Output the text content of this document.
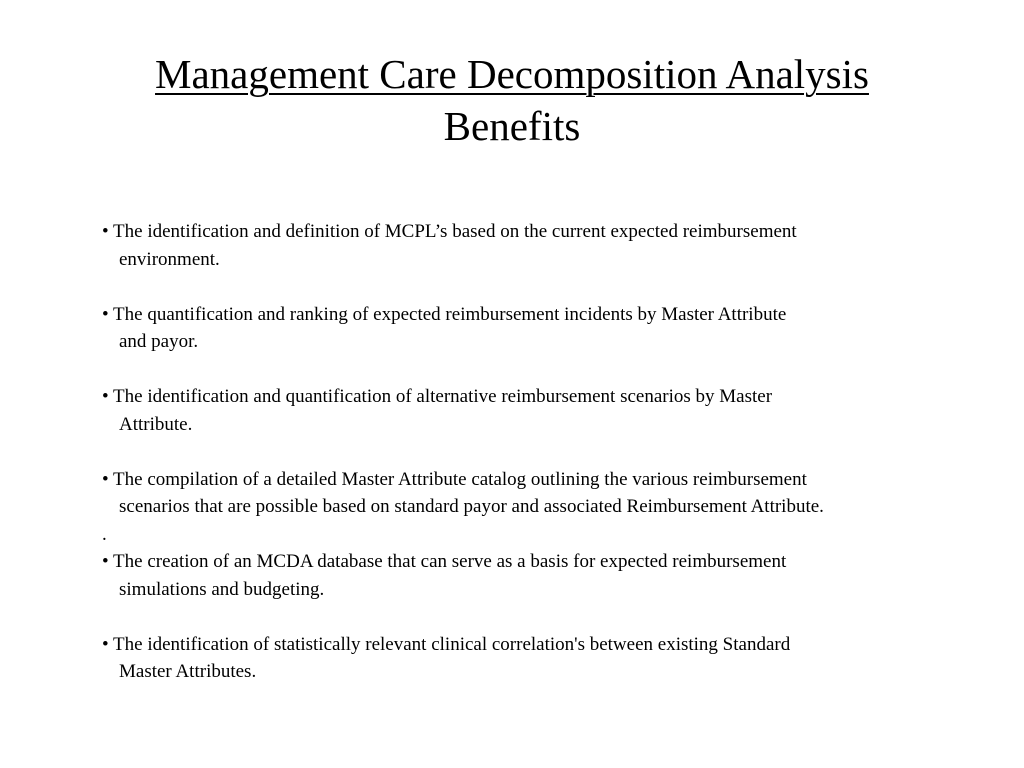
Management Care Decomposition Analysis
Benefits

• The identification and definition of MCPL’s based on the current expected reimbursement
environment.

• The quantification and ranking of expected reimbursement incidents by Master Attribute
and payor.

• The identification and quantification of alternative reimbursement scenarios by Master
Attribute.

• The compilation of a detailed Master Attribute catalog outlining the various reimbursement
scenarios that are possible based on standard payor and associated Reimbursement Attribute.

.

• The creation of an MCDA database that can serve as a basis for expected reimbursement
simulations and budgeting.

• The identification of statistically relevant clinical correlation's between existing Standard
Master Attributes.
